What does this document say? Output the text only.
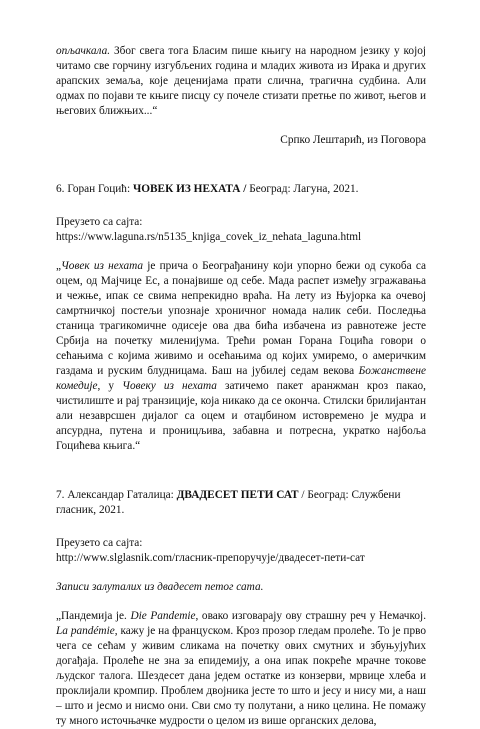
опљачкала. Због свега тога Бласим пише књигу на народном језику у којој читамо све горчину изгубљених година и младих живота из Ирака и других арапских земаља, које деценијама прати слична, трагична судбина. Али одмах по појави те књиге писцу су почеле стизати претње по живот, његов и његових ближњих...“

Српко Лештарић, из Поговора

6. Горан Гоцић: ЧОВЕК ИЗ НЕХАТА / Београд: Лагуна, 2021.

Преузето са сајта:

https://www.laguna.rs/n5135_knjiga_covek_iz_nehata_laguna.html

„Човек из нехата је прича о Београђанину који упорно бежи од сукоба са оцем, од Мајчице Ес, а понајвише од себе. Мада распет између згражавања и чежње, ипак се свима непрекидно враћа. На лету из Њујорка ка очевој самртничкој постељи упознаје хроничног номада налик себи. Последња станица трагикомичне одисеје ова два бића избачена из равнотеже јесте Србија на почетку миленијума. Трећи роман Горана Гоцића говори о сећањима с којима живимо и осећањима од којих умиремо, о америчким газдама и руским блудницама. Баш на јубилеј седам векова Божанствене комедије, у Човеку из нехата затичемо пакет аранжман кроз пакао, чистилиште и рај транзиције, која никако да се оконча. Стилски брилијантан али незаврсшен дијалог са оцем и отаџбином истовремено је мудра и апсурдна, путена и проницљива, забавна и потресна, укратко најбоља Гоцићева књига.“

7. Александар Гаталица: ДВАДЕСЕТ ПЕТИ САТ / Београд: Службени гласник, 2021.

Преузето са сајта:

http://www.slglasnik.com/гласник-препоручује/двадесет-пети-сат

Записи залуталих из двадесет петог сата.

„Пандемија је. Die Pandemie, овако изговарају ову страшну реч у Немачкој. La pandémie, кажу је на француском. Кроз прозор гледам пролеће. То је прво чега се сећам у живим сликама на почетку ових смутних и збуњујућих догађаја. Пролеће не зна за епидемију, а она ипак покреће мрачне токове људског талога. Шездесет дана једем остатке из конзерви, мрвице хлеба и проклијали кромпир. Проблем двојника јесте то што и јесу и нису ми, а наш – што и јесмо и нисмо они. Сви смо ту полутани, а нико целина. Не помажу ту много источњачке мудрости о целом из више органских делова,
